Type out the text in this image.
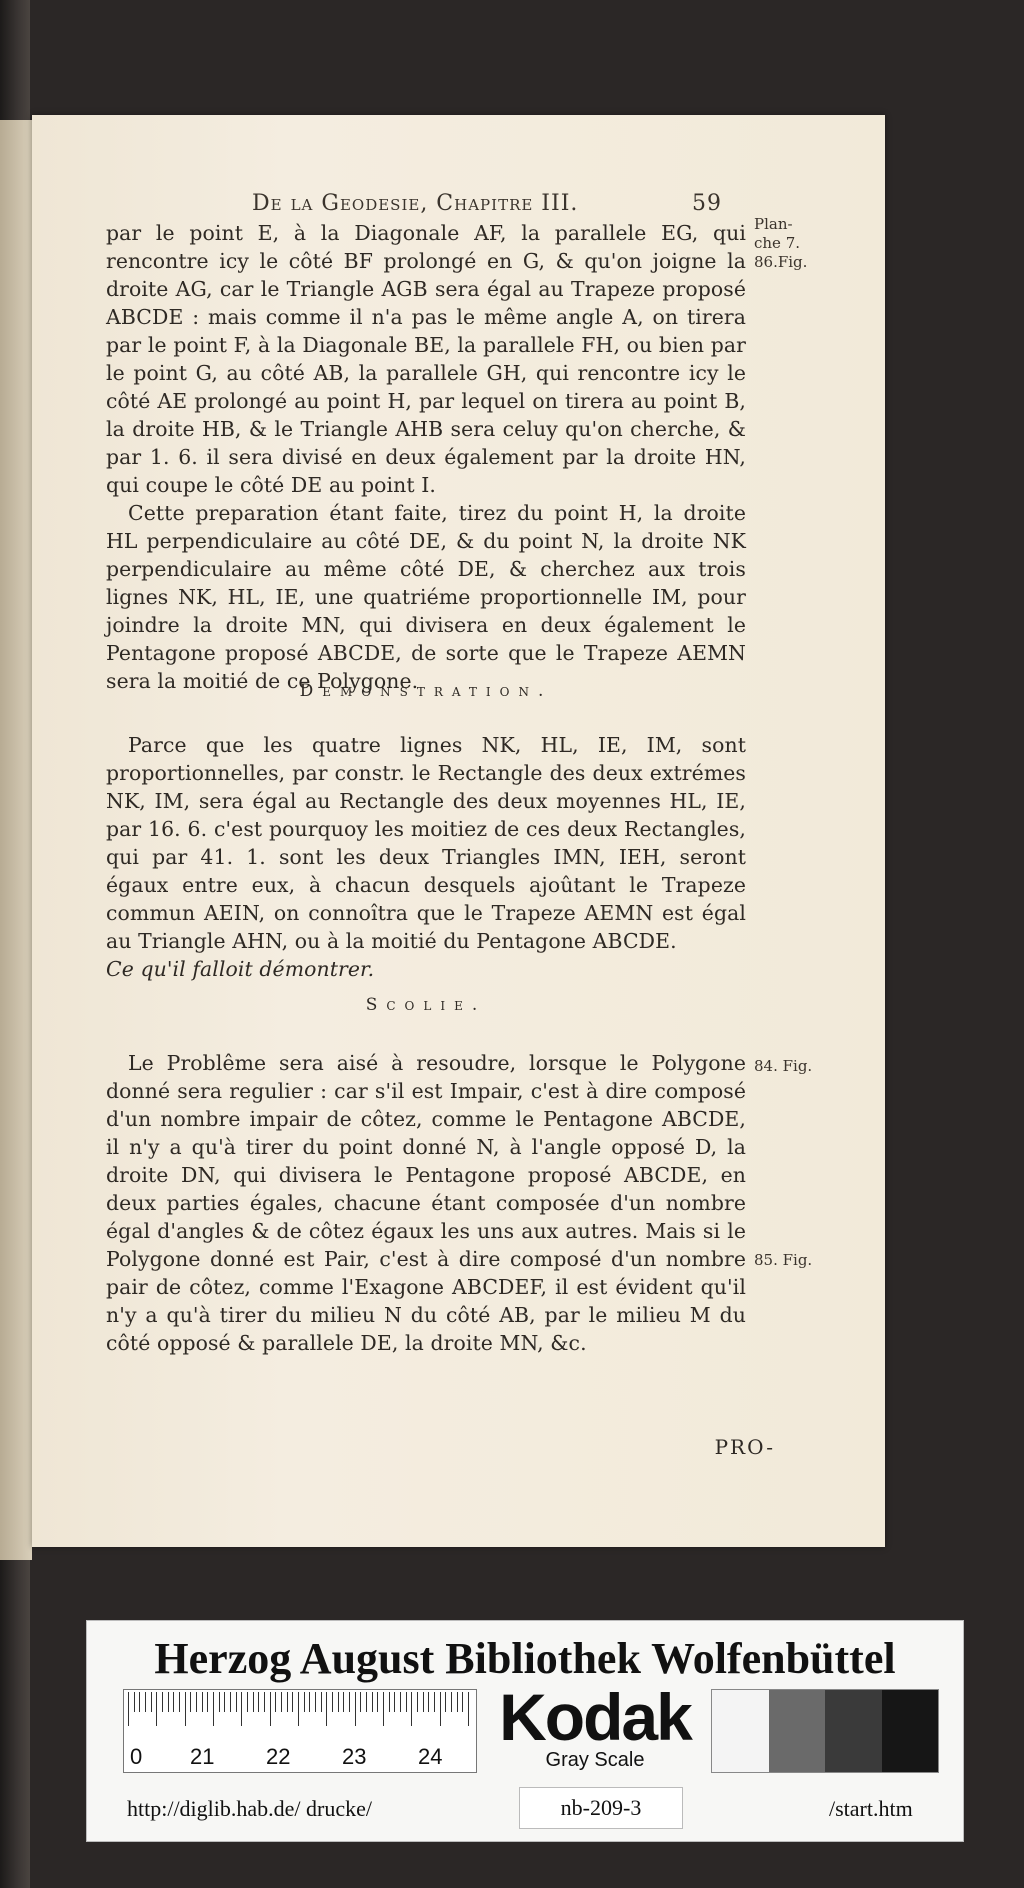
De la Geodesie, Chapitre III.	59
Plan-
che 7.
86.Fig.

par le point E, à la Diagonale AF, la parallele EG, qui rencontre icy le côté BF prolongé en G, & qu'on joigne la droite AG, car le Triangle AGB sera égal au Trapeze proposé ABCDE : mais comme il n'a pas le même angle A, on tirera par le point F, à la Diagonale BE, la parallele FH, ou bien par le point G, au côté AB, la parallele GH, qui rencontre icy le côté AE prolongé au point H, par lequel on tirera au point B, la droite HB, & le Triangle AHB sera celuy qu'on cherche, & par 1. 6. il sera divisé en deux également par la droite HN, qui coupe le côté DE au point I.

Cette preparation étant faite, tirez du point H, la droite HL perpendiculaire au côté DE, & du point N, la droite NK perpendiculaire au même côté DE, & cherchez aux trois lignes NK, HL, IE, une quatriéme proportionnelle IM, pour joindre la droite MN, qui divisera en deux également le Pentagone proposé ABCDE, de sorte que le Trapeze AEMN sera la moitié de ce Polygone.

Demonstration.

Parce que les quatre lignes NK, HL, IE, IM, sont proportionnelles, par constr. le Rectangle des deux extrémes NK, IM, sera égal au Rectangle des deux moyennes HL, IE, par 16. 6. c'est pourquoy les moitiez de ces deux Rectangles, qui par 41. 1. sont les deux Triangles IMN, IEH, seront égaux entre eux, à chacun desquels ajoûtant le Trapeze commun AEIN, on connoîtra que le Trapeze AEMN est égal au Triangle AHN, ou à la moitié du Pentagone ABCDE.

Ce qu'il falloit démontrer.

Scolie.

Le Problême sera aisé à resoudre, lorsque le Polygone donné sera regulier : car s'il est Impair, c'est à dire composé d'un nombre impair de côtez, comme le Pentagone ABCDE, il n'y a qu'à tirer du point donné N, à l'angle opposé D, la droite DN, qui divisera le Pentagone proposé ABCDE, en deux parties égales, chacune étant composée d'un nombre égal d'angles & de côtez égaux les uns aux autres. Mais si le Polygone donné est Pair, c'est à dire composé d'un nombre pair de côtez, comme l'Exagone ABCDEF, il est évident qu'il n'y a qu'à tirer du milieu N du côté AB, par le milieu M du côté opposé & parallele DE, la droite MN, &c.

84. Fig.
85. Fig.
PRO-
Herzog August Bibliothek Wolfenbüttel
0 21 22 23 24
Kodak
Gray Scale
http://diglib.hab.de/ drucke/	nb-209-3	/start.htm
